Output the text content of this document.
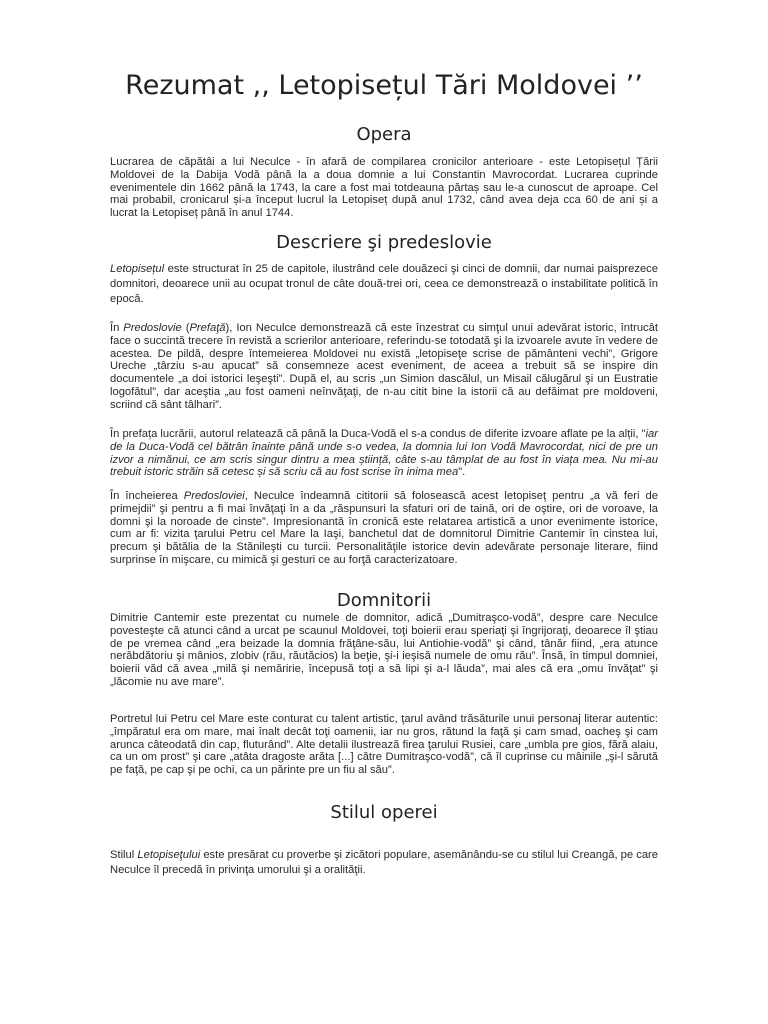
Rezumat ,, Letopisețul Tări Moldovei ’’
Opera

Lucrarea de căpătâi a lui Neculce - în afară de compilarea cronicilor anterioare - este Letopisețul Țării Moldovei de la Dabija Vodă până la a doua domnie a lui Constantin Mavrocordat. Lucrarea cuprinde evenimentele din 1662 până la 1743, la care a fost mai totdeauna părtaș sau le-a cunoscut de aproape. Cel mai probabil, cronicarul și-a început lucrul la Letopiseț după anul 1732, când avea deja cca 60 de ani și a lucrat la Letopiseț până în anul 1744.

Descriere şi predeslovie

Letopisețul este structurat în 25 de capitole, ilustrând cele douăzeci şi cinci de domnii, dar numai paisprezece domnitori, deoarece unii au ocupat tronul de câte două-trei ori, ceea ce demonstrează o instabilitate politică în epocă.

În Predoslovie (Prefaţă), Ion Neculce demonstrează că este înzestrat cu simţul unui adevărat istoric, întrucât face o succintă trecere în revistă a scrierilor anterioare, referindu-se totodată şi la izvoarele avute în vedere de acestea. De pildă, despre întemeierea Moldovei nu există „letopiseţe scrise de pământeni vechi”, Grigore Ureche „târziu s-au apucat” să consemneze acest eveniment, de aceea a trebuit să se inspire din documentele „a doi istorici leşeşti”. După el, au scris „un Simion dascălul, un Misail călugărul şi un Eustratie logofătul”, dar aceştia „au fost oameni neînvăţaţi, de n-au citit bine la istorii că au defăimat pre moldoveni, scriind că sânt tâlhari”.

În prefața lucrării, autorul relatează că până la Duca-Vodă el s-a condus de diferite izvoare aflate pe la alții, "iar de la Duca-Vodă cel bătrân înainte până unde s-o vedea, la domnia lui Ion Vodă Mavrocordat, nici de pre un izvor a nimănui, ce am scris singur dintru a mea știință, câte s-au tâmplat de au fost în viața mea. Nu mi-au trebuit istoric străin să cetesc și să scriu că au fost scrise în inima mea".

În încheierea Predosloviei, Neculce îndeamnă cititorii să folosească acest letopiseţ pentru „a vă feri de primejdii” şi pentru a fi mai învăţaţi în a da „răspunsuri la sfaturi ori de taină, ori de oştire, ori de voroave, la domni şi la noroade de cinste”. Impresionantă în cronică este relatarea artistică a unor evenimente istorice, cum ar fi: vizita ţarului Petru cel Mare la Iaşi, banchetul dat de domnitorul Dimitrie Cantemir în cinstea lui, precum şi bătălia de la Stănileşti cu turcii. Personalităţile istorice devin adevărate personaje literare, fiind surprinse în mişcare, cu mimică şi gesturi ce au forţă caracterizatoare.

Domnitorii

Dimitrie Cantemir este prezentat cu numele de domnitor, adică „Dumitraşco-vodă”, despre care Neculce povesteşte că atunci când a urcat pe scaunul Moldovei, toţi boierii erau speriaţi şi îngrijoraţi, deoarece îl ştiau de pe vremea când „era beizade la domnia frăţâne-său, lui Antiohie-vodă” şi când, tânăr fiind, „era atunce nerăbdătoriu şi mânios, zlobiv (rău, răutăcios) la beţie, şi-i ieşisă numele de omu rău”. Însă, în timpul domniei, boierii văd că avea „milă şi nemăririe, începusă toţi a să lipi şi a-l lăuda”, mai ales că era „omu învăţat” şi „lăcomie nu ave mare”.

Portretul lui Petru cel Mare este conturat cu talent artistic, ţarul având trăsăturile unui personaj literar autentic: „împăratul era om mare, mai înalt decât toţi oamenii, iar nu gros, rătund la faţă şi cam smad, oacheş şi cam arunca câteodată din cap, fluturând”. Alte detalii ilustrează firea ţarului Rusiei, care „umbla pre gios, fără alaiu, ca un om prost” şi care „atâta dragoste arăta [...] către Dumitraşco-vodă”, că îl cuprinse cu mâinile „şi-l sărută pe faţă, pe cap şi pe ochi, ca un părinte pre un fiu al său”.

Stilul operei

Stilul Letopiseţului este presărat cu proverbe şi zicători populare, asemănându-se cu stilul lui Creangă, pe care Neculce îl precedă în privinţa umorului şi a oralităţii.
